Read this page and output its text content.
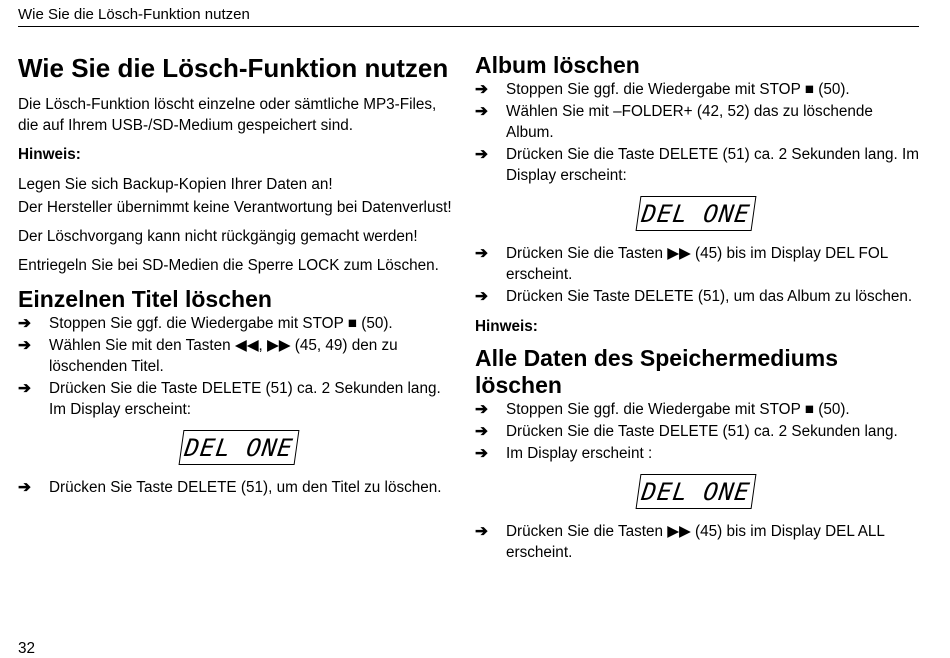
Wie Sie die Lösch-Funktion nutzen
Wie Sie die Lösch-Funktion nutzen

Die Lösch-Funktion löscht einzelne oder sämtliche MP3-Files, die auf Ihrem USB-/SD-Medium gespeichert sind.

Hinweis:

Legen Sie sich Backup-Kopien Ihrer Daten an!

Der Hersteller übernimmt keine Verantwortung bei Datenverlust!

Der Löschvorgang kann nicht rückgängig gemacht werden!

Entriegeln Sie bei SD-Medien die Sperre LOCK zum Löschen.

Einzelnen Titel löschen
➔ Stoppen Sie ggf. die Wiedergabe mit STOP ■ (50).
➔ Wählen Sie mit den Tasten ◀◀, ▶▶ (45, 49) den zu löschenden Titel.
➔ Drücken Sie die Taste DELETE (51) ca. 2 Sekunden lang. Im Display erscheint:
DEL ONE
➔ Drücken Sie Taste DELETE (51), um den Titel zu löschen.
Album löschen
➔ Stoppen Sie ggf. die Wiedergabe mit STOP ■ (50).
➔ Wählen Sie mit –FOLDER+ (42, 52) das zu löschende Album.
➔ Drücken Sie die Taste DELETE (51) ca. 2 Sekunden lang. Im Display erscheint:
DEL ONE
➔ Drücken Sie die Tasten ▶▶ (45) bis im Display DEL FOL erscheint.
➔ Drücken Sie Taste DELETE (51), um das Album zu löschen.

Hinweis:

Alle Daten des Speichermediums löschen
➔ Stoppen Sie ggf. die Wiedergabe mit STOP ■ (50).
➔ Drücken Sie die Taste DELETE (51) ca. 2 Sekunden lang.
➔ Im Display erscheint :
DEL ONE
➔ Drücken Sie die Tasten ▶▶ (45) bis im Display DEL ALL erscheint.
32
